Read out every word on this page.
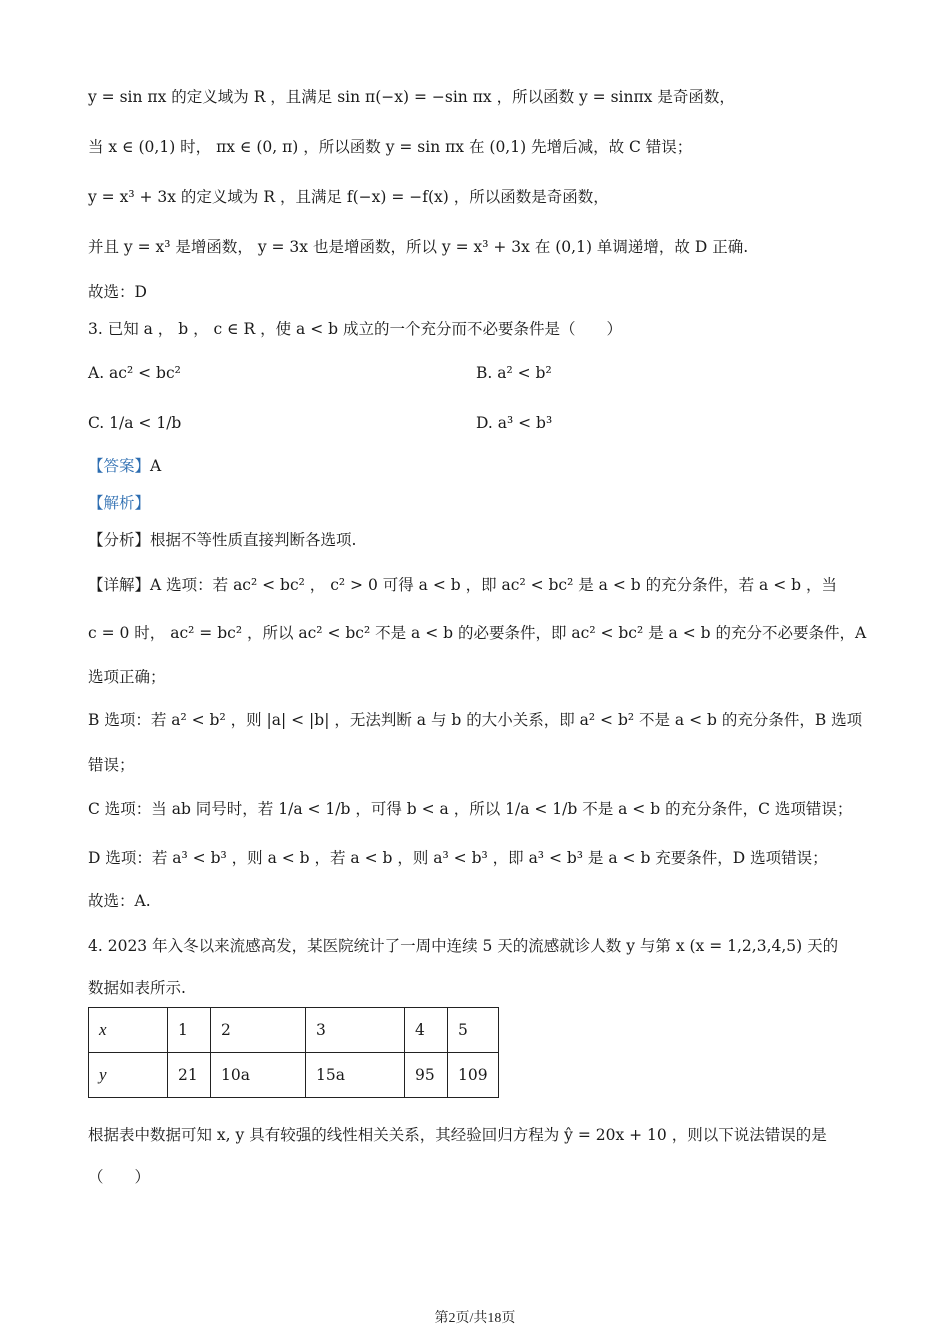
y = sin πx 的定义域为 R ，且满足 sin π(−x) = −sin πx ，所以函数 y = sinπx 是奇函数，
当 x ∈ (0,1) 时， πx ∈ (0, π) ，所以函数 y = sin πx 在 (0,1) 先增后减，故 C 错误；
y = x³ + 3x 的定义域为 R ，且满足 f(−x) = −f(x) ，所以函数是奇函数，
并且 y = x³ 是增函数， y = 3x 也是增函数，所以 y = x³ + 3x 在 (0,1) 单调递增，故 D 正确.
故选：D
3. 已知 a ， b ， c ∈ R ，使 a < b 成立的一个充分而不必要条件是（　　）
A. ac² < bc²	B. a² < b²
C. 1/a < 1/b	D. a³ < b³
【答案】A
【解析】
【分析】根据不等性质直接判断各选项.
【详解】A 选项：若 ac² < bc² ， c² > 0 可得 a < b ，即 ac² < bc² 是 a < b 的充分条件，若 a < b ，当
c = 0 时， ac² = bc² ，所以 ac² < bc² 不是 a < b 的必要条件，即 ac² < bc² 是 a < b 的充分不必要条件，A
选项正确；
B 选项：若 a² < b² ，则 |a| < |b| ，无法判断 a 与 b 的大小关系，即 a² < b² 不是 a < b 的充分条件，B 选项
错误；
C 选项：当 ab 同号时，若 1/a < 1/b ，可得 b < a ，所以 1/a < 1/b 不是 a < b 的充分条件，C 选项错误；
D 选项：若 a³ < b³ ，则 a < b ，若 a < b ，则 a³ < b³ ，即 a³ < b³ 是 a < b 充要条件，D 选项错误；
故选：A.
4. 2023 年入冬以来流感高发，某医院统计了一周中连续 5 天的流感就诊人数 y 与第 x (x = 1,2,3,4,5) 天的
数据如表所示.
x	1	2	3	4	5
y	21	10a	15a	95	109
根据表中数据可知 x, y 具有较强的线性相关关系，其经验回归方程为 ŷ = 20x + 10 ，则以下说法错误的是
（　　）
第2页/共18页
